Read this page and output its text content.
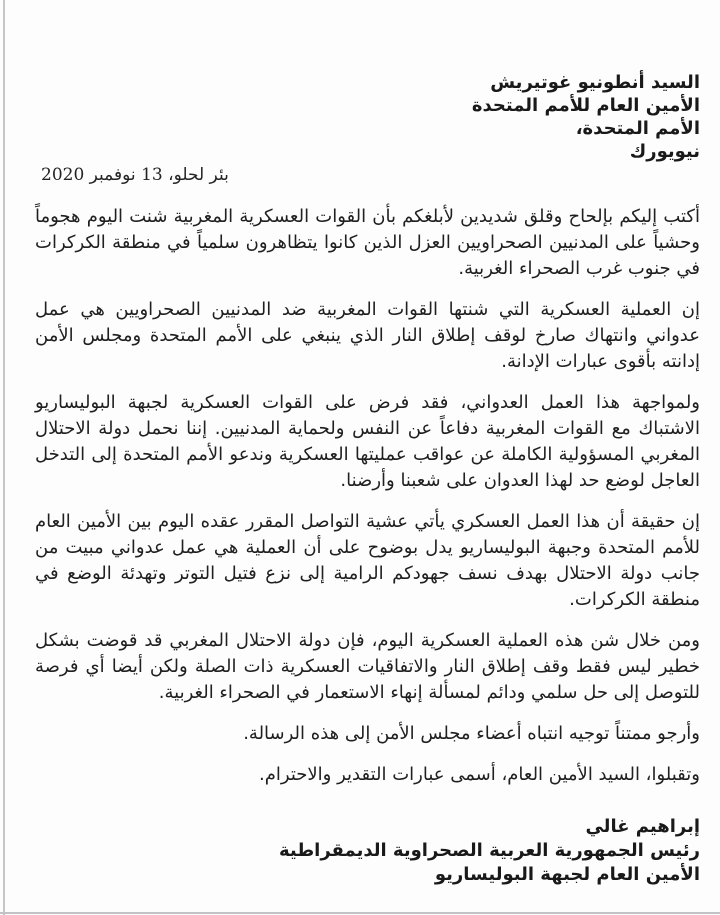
السيد أنطونيو غوتيريش
الأمين العام للأمم المتحدة
الأمم المتحدة،
نيويورك
بئر لحلو، 13 نوفمبر 2020

أكتب إليكم بإلحاح وقلق شديدين لأبلغكم بأن القوات العسكرية المغربية شنت اليوم هجوماً وحشياً على المدنيين الصحراويين العزل الذين كانوا يتظاهرون سلمياً في منطقة الكركرات في جنوب غرب الصحراء الغربية.

إن العملية العسكرية التي شنتها القوات المغربية ضد المدنيين الصحراويين هي عمل عدواني وانتهاك صارخ لوقف إطلاق النار الذي ينبغي على الأمم المتحدة ومجلس الأمن إدانته بأقوى عبارات الإدانة.

ولمواجهة هذا العمل العدواني، فقد فرض على القوات العسكرية لجبهة البوليساريو الاشتباك مع القوات المغربية دفاعاً عن النفس ولحماية المدنيين. إننا نحمل دولة الاحتلال المغربي المسؤولية الكاملة عن عواقب عمليتها العسكرية وندعو الأمم المتحدة إلى التدخل العاجل لوضع حد لهذا العدوان على شعبنا وأرضنا.

إن حقيقة أن هذا العمل العسكري يأتي عشية التواصل المقرر عقده اليوم بين الأمين العام للأمم المتحدة وجبهة البوليساريو يدل بوضوح على أن العملية هي عمل عدواني مبيت من جانب دولة الاحتلال بهدف نسف جهودكم الرامية إلى نزع فتيل التوتر وتهدئة الوضع في منطقة الكركرات.

ومن خلال شن هذه العملية العسكرية اليوم، فإن دولة الاحتلال المغربي قد قوضت بشكل خطير ليس فقط وقف إطلاق النار والاتفاقيات العسكرية ذات الصلة ولكن أيضا أي فرصة للتوصل إلى حل سلمي ودائم لمسألة إنهاء الاستعمار في الصحراء الغربية.

وأرجو ممتناً توجيه انتباه أعضاء مجلس الأمن إلى هذه الرسالة.

وتقبلوا، السيد الأمين العام، أسمى عبارات التقدير والاحترام.

إبراهيم غالي
رئيس الجمهورية العربية الصحراوية الديمقراطية
الأمين العام لجبهة البوليساريو
